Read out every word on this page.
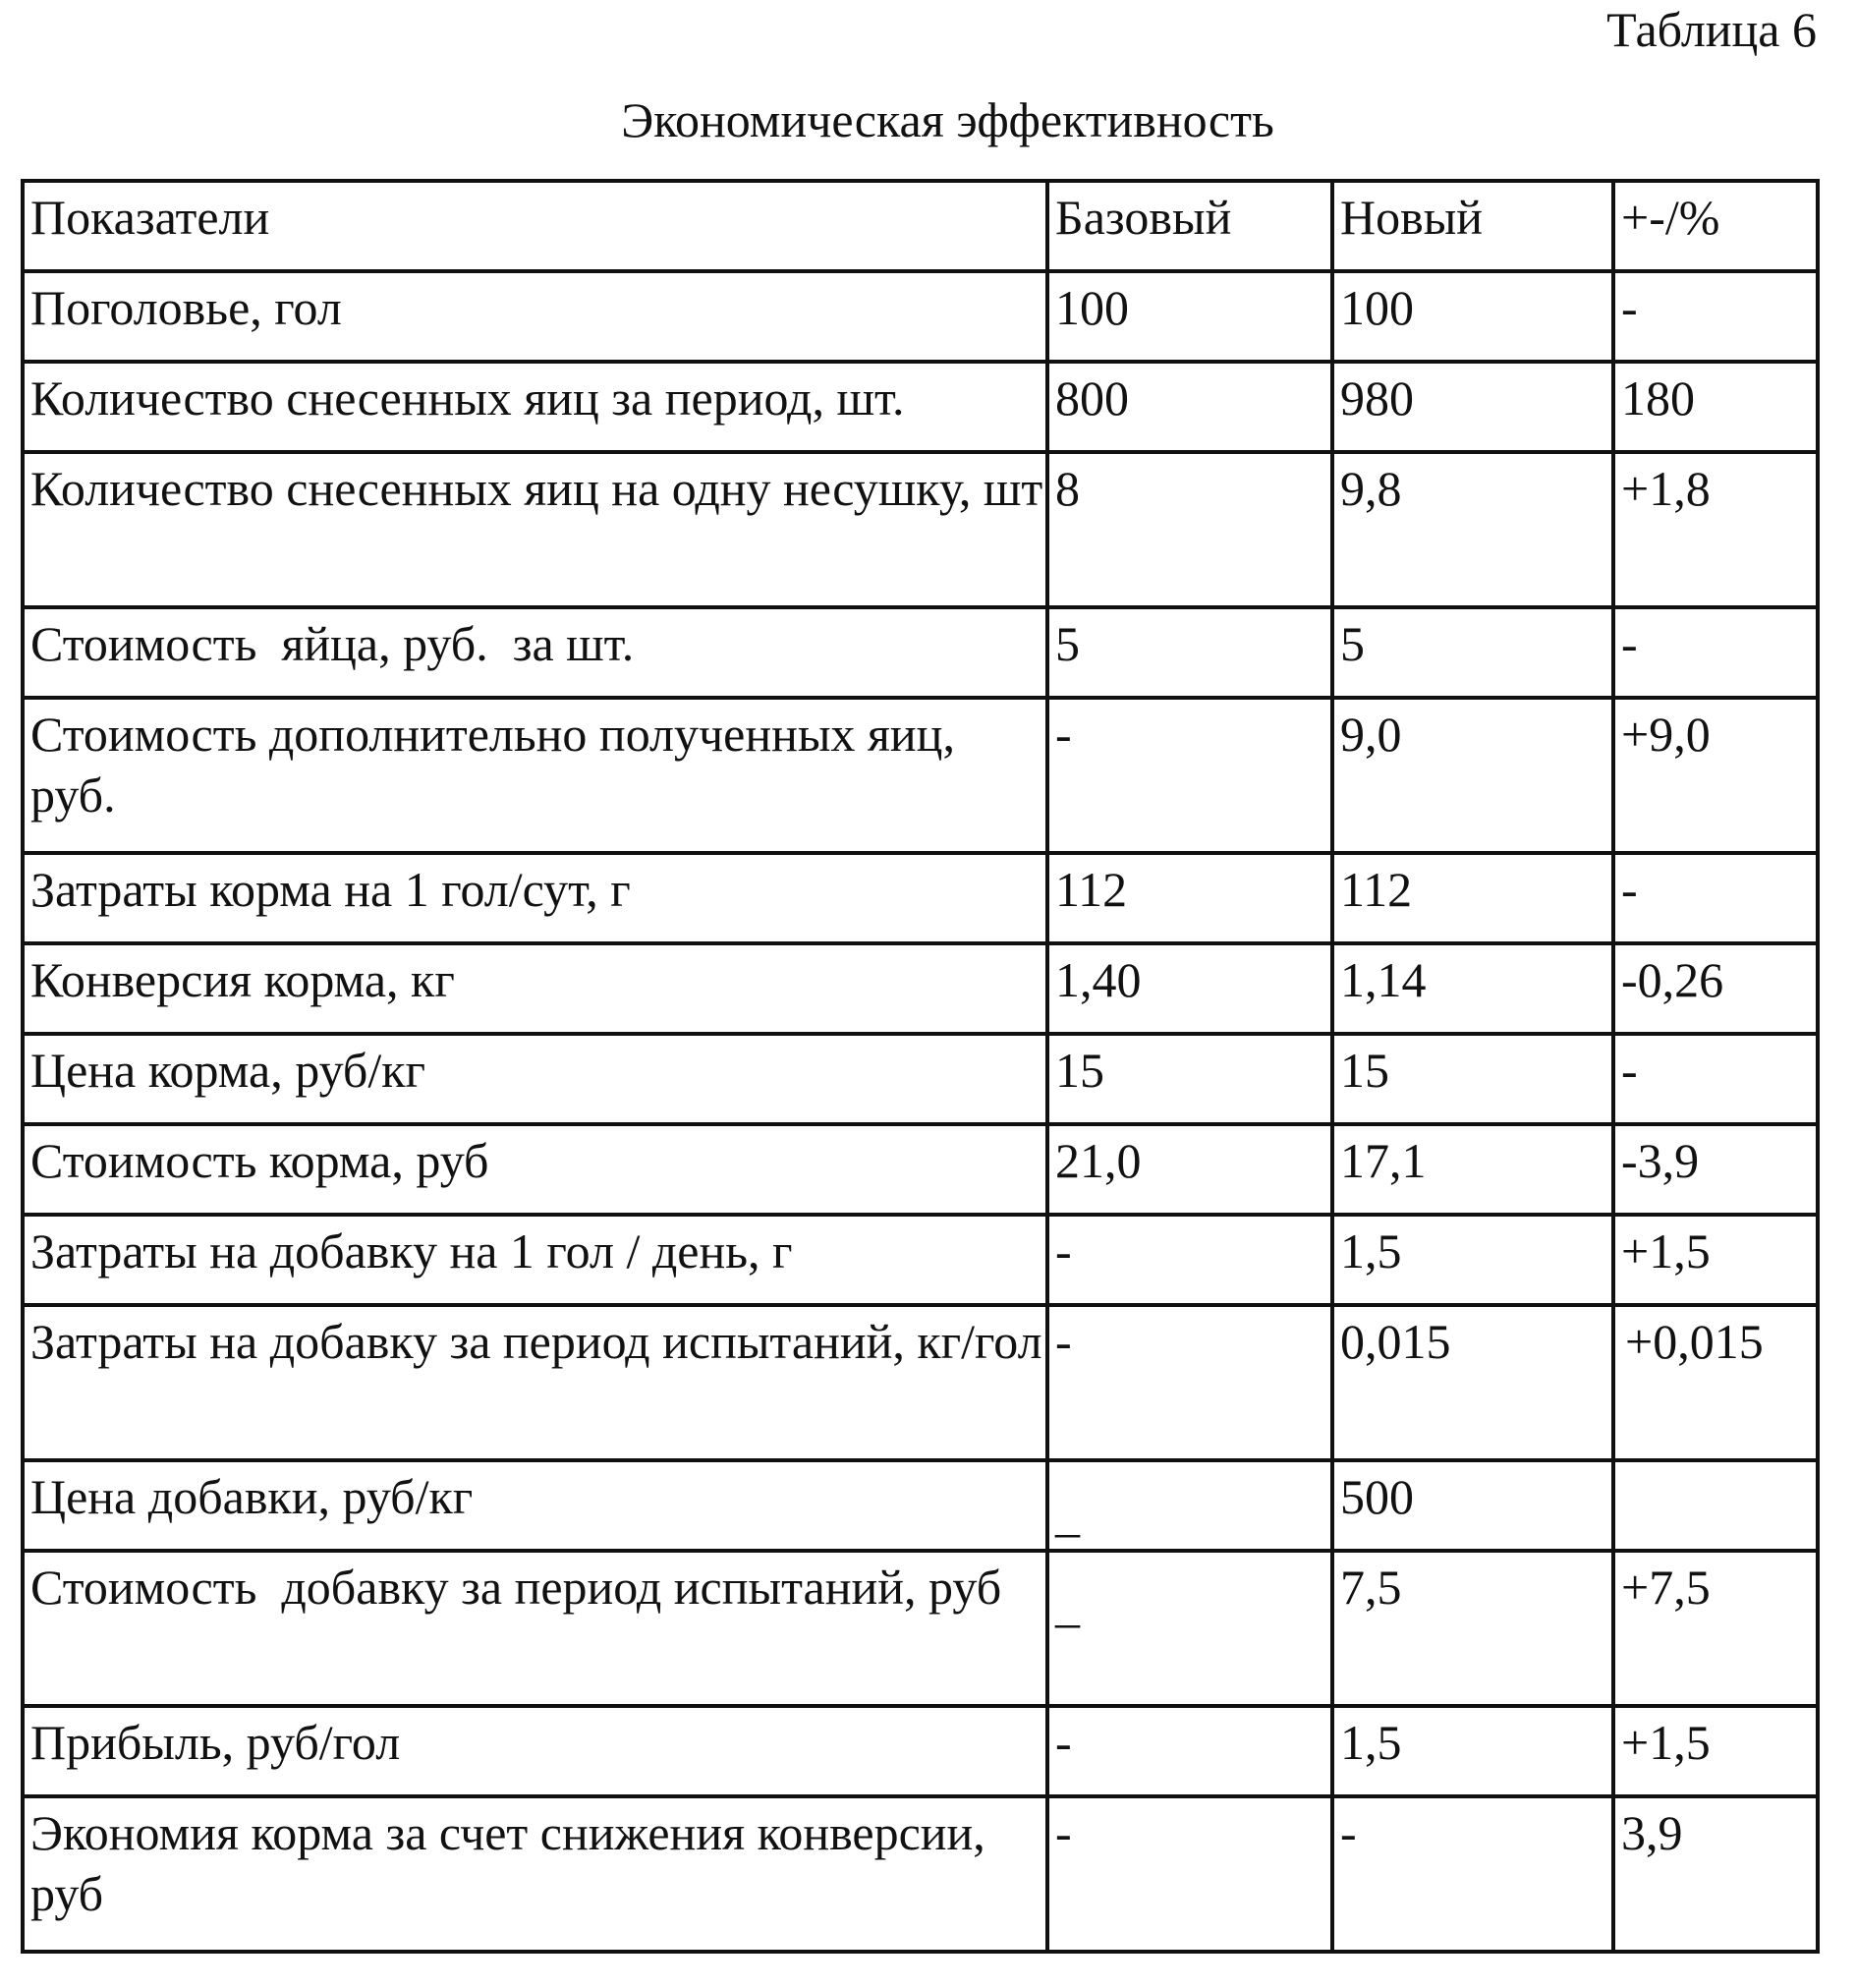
Таблица 6
Экономическая эффективность
Показатели	Базовый	Новый	+-/%
Поголовье, гол	100	100	-
Количество снесенных яиц за период, шт.	800	980	180
Количество снесенных яиц на одну несушку, шт	8	9,8	+1,8
Стоимость  яйца, руб.  за шт.	5	5	-
Стоимость дополнительно полученных яиц, руб.	-	9,0	+9,0
Затраты корма на 1 гол/сут, г	112	112	-
Конверсия корма, кг	1,40	1,14	-0,26
Цена корма, руб/кг	15	15	-
Стоимость корма, руб	21,0	17,1	-3,9
Затраты на добавку на 1 гол / день, г	-	1,5	+1,5
Затраты на добавку за период испытаний, кг/гол	-	0,015	+0,015
Цена добавки, руб/кг	_	500	
Стоимость  добавку за период испытаний, руб	_	7,5	+7,5
Прибыль, руб/гол	-	1,5	+1,5
Экономия корма за счет снижения конверсии, руб	-	-	3,9
